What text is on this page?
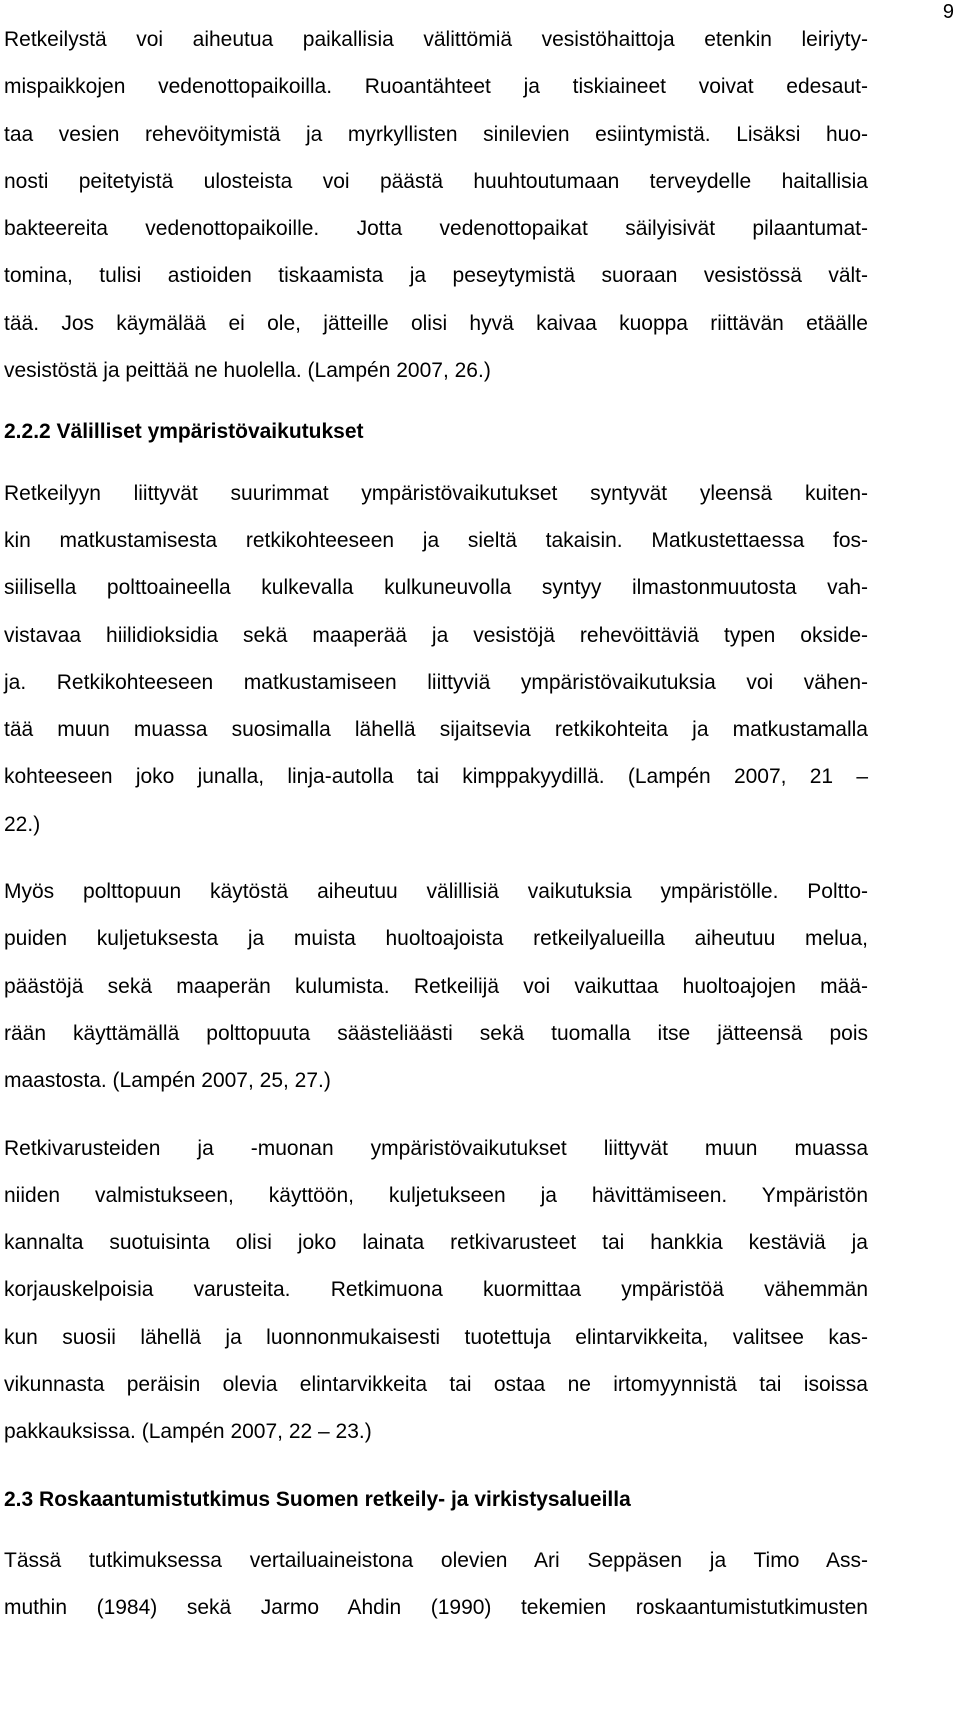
9

Retkeilystä voi aiheutua paikallisia välittömiä vesistöhaittoja etenkin leiriyty-
mispaikkojen vedenottopaikoilla. Ruoantähteet ja tiskiaineet voivat edesaut-
taa vesien rehevöitymistä ja myrkyllisten sinilevien esiintymistä. Lisäksi huo-
nosti peitetyistä ulosteista voi päästä huuhtoutumaan terveydelle haitallisia
bakteereita vedenottopaikoille. Jotta vedenottopaikat säilyisivät pilaantumat-
tomina, tulisi astioiden tiskaamista ja peseytymistä suoraan vesistössä vält-
tää. Jos käymälää ei ole, jätteille olisi hyvä kaivaa kuoppa riittävän etäälle
vesistöstä ja peittää ne huolella. (Lampén 2007, 26.)

2.2.2 Välilliset ympäristövaikutukset

Retkeilyyn liittyvät suurimmat ympäristövaikutukset syntyvät yleensä kuiten-
kin matkustamisesta retkikohteeseen ja sieltä takaisin. Matkustettaessa fos-
siilisella polttoaineella kulkevalla kulkuneuvolla syntyy ilmastonmuutosta vah-
vistavaa hiilidioksidia sekä maaperää ja vesistöjä rehevöittäviä typen okside-
ja. Retkikohteeseen matkustamiseen liittyviä ympäristövaikutuksia voi vähen-
tää muun muassa suosimalla lähellä sijaitsevia retkikohteita ja matkustamalla
kohteeseen joko junalla, linja-autolla tai kimppakyydillä. (Lampén 2007, 21 –
22.)

Myös polttopuun käytöstä aiheutuu välillisiä vaikutuksia ympäristölle. Poltto-
puiden kuljetuksesta ja muista huoltoajoista retkeilyalueilla aiheutuu melua,
päästöjä sekä maaperän kulumista. Retkeilijä voi vaikuttaa huoltoajojen mää-
rään käyttämällä polttopuuta säästeliäästi sekä tuomalla itse jätteensä pois
maastosta. (Lampén 2007, 25, 27.)

Retkivarusteiden ja -muonan ympäristövaikutukset liittyvät muun muassa
niiden valmistukseen, käyttöön, kuljetukseen ja hävittämiseen. Ympäristön
kannalta suotuisinta olisi joko lainata retkivarusteet tai hankkia kestäviä ja
korjauskelpoisia varusteita. Retkimuona kuormittaa ympäristöä vähemmän
kun suosii lähellä ja luonnonmukaisesti tuotettuja elintarvikkeita, valitsee kas-
vikunnasta peräisin olevia elintarvikkeita tai ostaa ne irtomyynnistä tai isoissa
pakkauksissa. (Lampén 2007, 22 – 23.)

2.3 Roskaantumistutkimus Suomen retkeily- ja virkistysalueilla

Tässä tutkimuksessa vertailuaineistona olevien Ari Seppäsen ja Timo Ass-
muthin (1984) sekä Jarmo Ahdin (1990) tekemien roskaantumistutkimusten
